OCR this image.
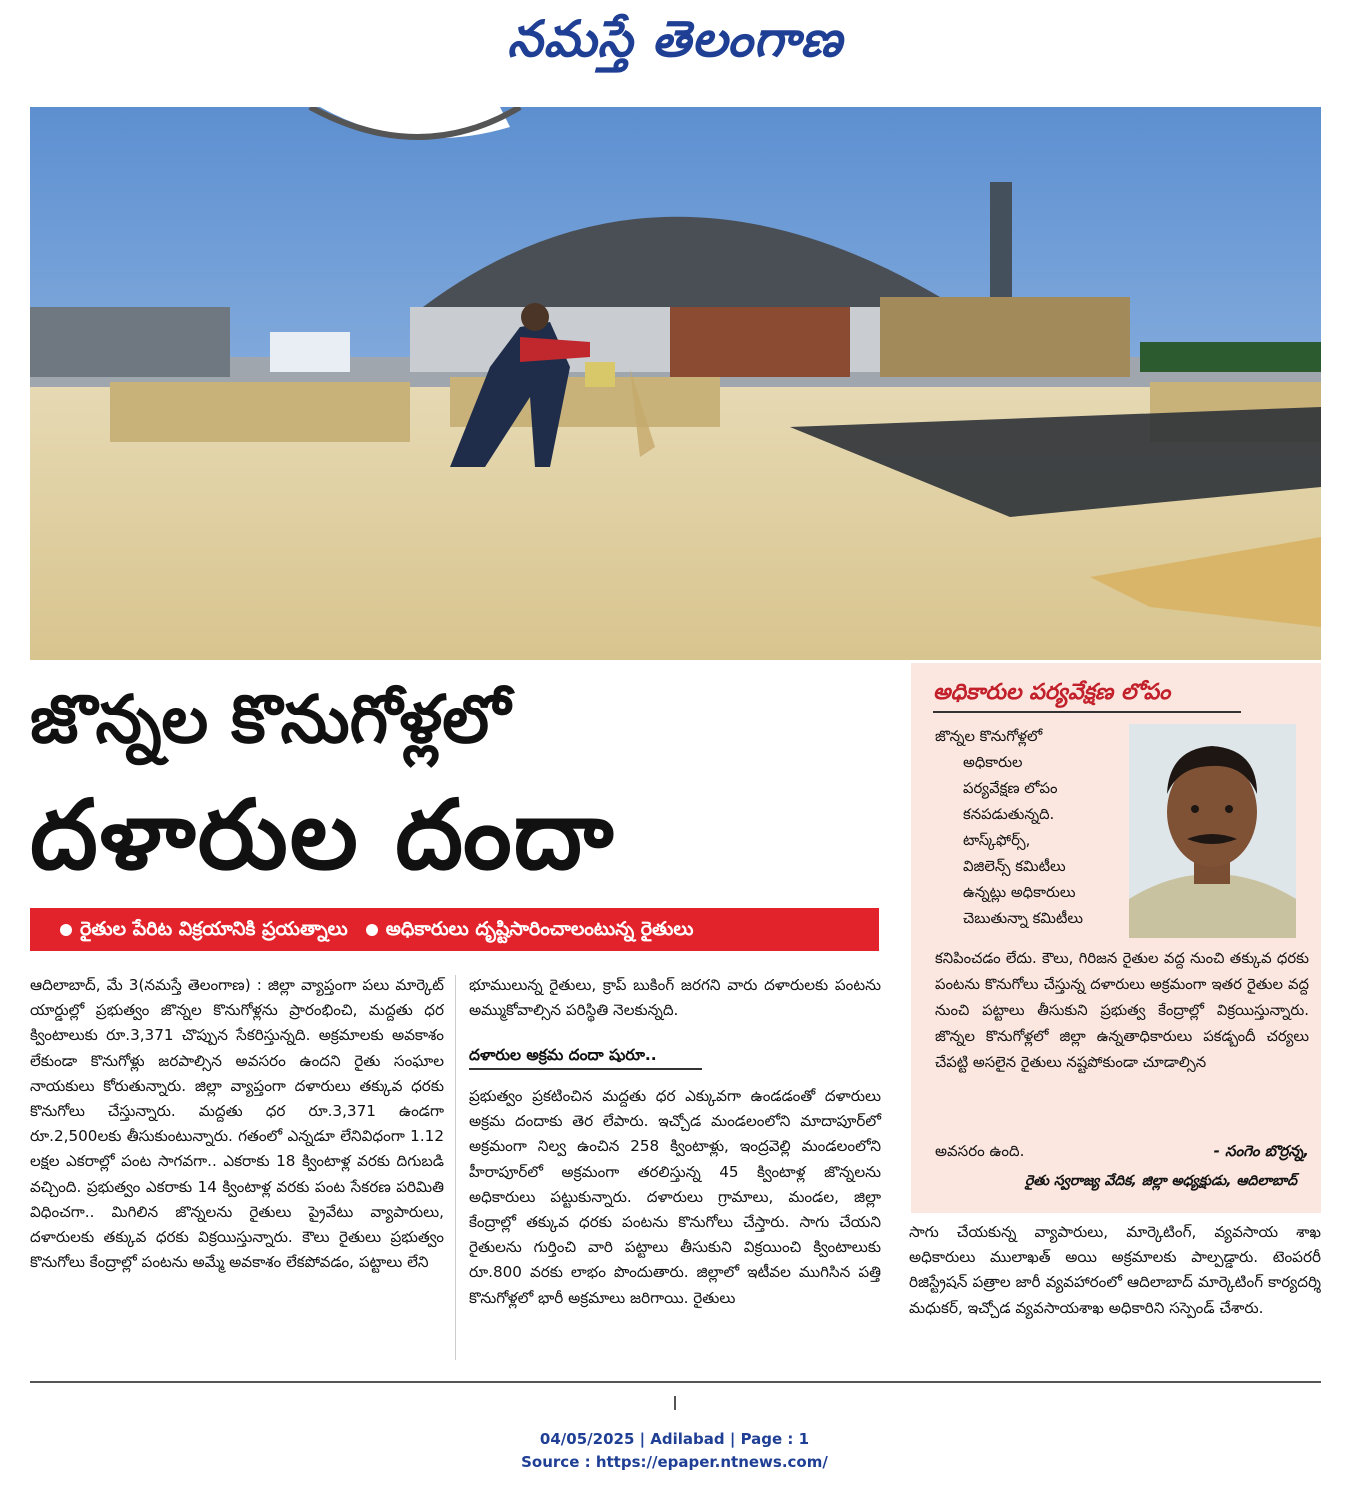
నమస్తే తెలంగాణ
జొన్నల కొనుగోళ్లలో
దళారుల దందా
రైతుల పేరిట విక్రయానికి ప్రయత్నాలు అధికారులు దృష్టిసారించాలంటున్న రైతులు
ఆదిలాబాద్, మే 3(నమస్తే తెలంగాణ) : జిల్లా వ్యాప్తంగా పలు మార్కెట్ యార్డుల్లో ప్రభుత్వం జొన్నల కొనుగోళ్లను ప్రారంభించి, మద్దతు ధర క్వింటాలుకు రూ.3,371 చొప్పున సేకరిస్తున్నది. అక్రమాలకు అవకాశం లేకుండా కొనుగోళ్లు జరపాల్సిన అవసరం ఉందని రైతు సంఘాల నాయకులు కోరుతున్నారు. జిల్లా వ్యాప్తంగా దళారులు తక్కువ ధరకు కొనుగోలు చేస్తున్నారు. మద్దతు ధర రూ.3,371 ఉండగా రూ.2,500లకు తీసుకుంటున్నారు. గతంలో ఎన్నడూ లేనివిధంగా 1.12 లక్షల ఎకరాల్లో పంట సాగవగా.. ఎకరాకు 18 క్వింటాళ్ల వరకు దిగుబడి వచ్చింది. ప్రభుత్వం ఎకరాకు 14 క్వింటాళ్ల వరకు పంట సేకరణ పరిమితి విధించగా.. మిగిలిన జొన్నలను రైతులు ప్రైవేటు వ్యాపారులు, దళారులకు తక్కువ ధరకు విక్రయిస్తున్నారు. కౌలు రైతులు ప్రభుత్వం కొనుగోలు కేంద్రాల్లో పంటను అమ్మే అవకాశం లేకపోవడం, పట్టాలు లేని
భూములున్న రైతులు, క్రాప్ బుకింగ్ జరగని వారు దళారులకు పంటను అమ్ముకోవాల్సిన పరిస్థితి నెలకున్నది.
దళారుల అక్రమ దందా షురూ..
ప్రభుత్వం ప్రకటించిన మద్దతు ధర ఎక్కువగా ఉండడంతో దళారులు అక్రమ దందాకు తెర లేపారు. ఇచ్చోడ మండలంలోని మాదాపూర్‌లో అక్రమంగా నిల్వ ఉంచిన 258 క్వింటాళ్లు, ఇంద్రవెల్లి మండలంలోని హీరాపూర్‌లో అక్రమంగా తరలిస్తున్న 45 క్వింటాళ్ల జొన్నలను అధికారులు పట్టుకున్నారు. దళారులు గ్రామాలు, మండల, జిల్లా కేంద్రాల్లో తక్కువ ధరకు పంటను కొనుగోలు చేస్తారు. సాగు చేయని రైతులను గుర్తించి వారి పట్టాలు తీసుకుని విక్రయించి క్వింటాలుకు రూ.800 వరకు లాభం పొందుతారు. జిల్లాలో ఇటీవల ముగిసిన పత్తి కొనుగోళ్లలో భారీ అక్రమాలు జరిగాయి. రైతులు
అధికారుల పర్యవేక్షణ లోపం
జొన్నల కొనుగోళ్లలో
అధికారుల
పర్యవేక్షణ లోపం
కనపడుతున్నది.
టాస్క్‌ఫోర్స్,
విజిలెన్స్ కమిటీలు
ఉన్నట్లు అధికారులు
చెబుతున్నా కమిటీలు
కనిపించడం లేదు. కౌలు, గిరిజన రైతుల వద్ద నుంచి తక్కువ ధరకు పంటను కొనుగోలు చేస్తున్న దళారులు అక్రమంగా ఇతర రైతుల వద్ద నుంచి పట్టాలు తీసుకుని ప్రభుత్వ కేంద్రాల్లో విక్రయిస్తున్నారు. జొన్నల కొనుగోళ్లలో జిల్లా ఉన్నతాధికారులు పకడ్బందీ చర్యలు చేపట్టి అసలైన రైతులు నష్టపోకుండా చూడాల్సిన
అవసరం ఉంది.	- సంగెం బొర్రన్న,
రైతు స్వరాజ్య వేదిక, జిల్లా అధ్యక్షుడు, ఆదిలాబాద్
సాగు చేయకున్న వ్యాపారులు, మార్కెటింగ్, వ్యవసాయ శాఖ అధికారులు ములాఖత్ అయి అక్రమాలకు పాల్పడ్డారు. టెంపరరీ రిజిస్ట్రేషన్ పత్రాల జారీ వ్యవహారంలో ఆదిలాబాద్ మార్కెటింగ్ కార్యదర్శి మధుకర్, ఇచ్చోడ వ్యవసాయశాఖ అధికారిని సస్పెండ్ చేశారు.
04/05/2025 | Adilabad | Page : 1
Source : https://epaper.ntnews.com/
